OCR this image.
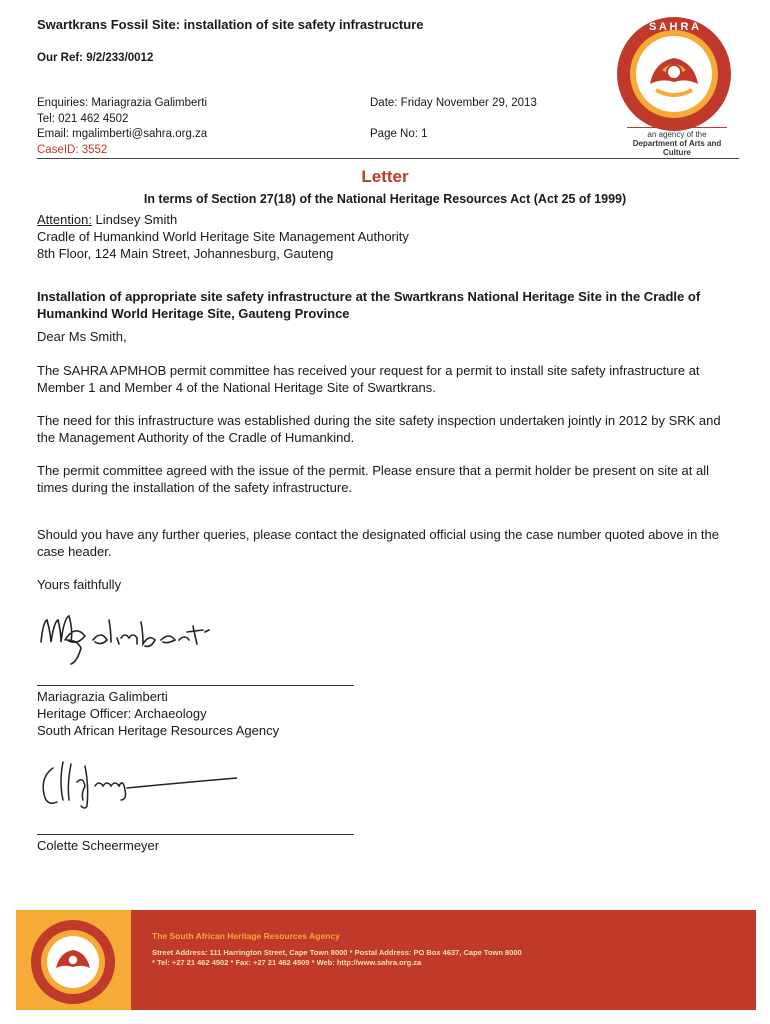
Swartkrans Fossil Site: installation of site safety infrastructure
Our Ref: 9/2/233/0012
Enquiries: Mariagrazia Galimberti
Tel: 021 462 4502
Email: mgalimberti@sahra.org.za
CaseID: 3552
Date: Friday November 29, 2013
Page No: 1
S A H R A
an agency of the
Department of Arts and Culture
Letter
In terms of Section 27(18) of the National Heritage Resources Act (Act 25 of 1999)
Attention: Lindsey Smith
Cradle of Humankind World Heritage Site Management Authority
8th Floor, 124 Main Street, Johannesburg, Gauteng
Installation of appropriate site safety infrastructure at the Swartkrans National Heritage Site in the Cradle of Humankind World Heritage Site, Gauteng Province
Dear Ms Smith,
The SAHRA APMHOB permit committee has received your request for a permit to install site safety infrastructure at Member 1 and Member 4 of the National Heritage Site of Swartkrans.
The need for this infrastructure was established during the site safety inspection undertaken jointly in 2012 by SRK and the Management Authority of the Cradle of Humankind.
The permit committee agreed with the issue of the permit. Please ensure that a permit holder be present on site at all times during the installation of the safety infrastructure.
Should you have any further queries, please contact the designated official using the case number quoted above in the case header.
Yours faithfully
Mariagrazia Galimberti
Heritage Officer: Archaeology
South African Heritage Resources Agency
Colette Scheermeyer
The South African Heritage Resources Agency
Street Address: 111 Harrington Street, Cape Town 8000 * Postal Address: PO Box 4637, Cape Town 8000
* Tel: +27 21 462 4502 * Fax: +27 21 462 4509 * Web: http://www.sahra.org.za
